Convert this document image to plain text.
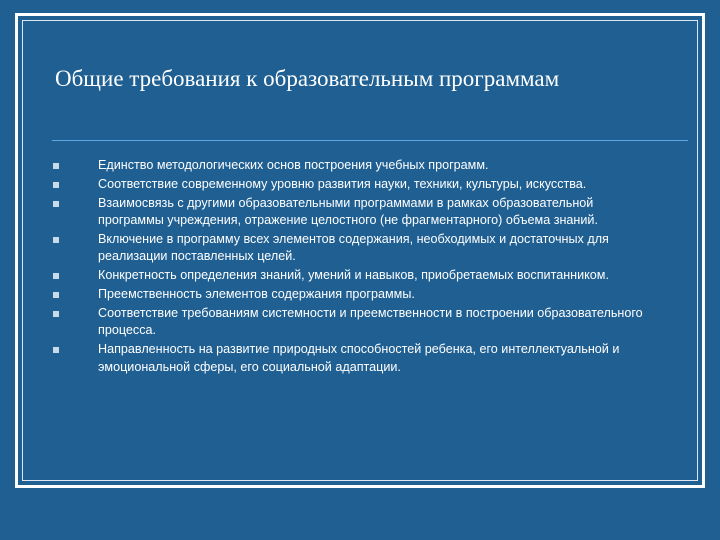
Общие требования к образовательным программам
Единство методологических основ построения учебных программ.
Соответствие современному уровню развития науки, техники, культуры, искусства.
Взаимосвязь с другими образовательными программами в рамках образовательной программы учреждения, отражение целостного (не фрагментарного) объема знаний.
Включение в программу всех элементов содержания, необходимых и достаточных для реализации поставленных целей.
Конкретность определения знаний, умений и навыков, приобретаемых воспитанником.
Преемственность элементов содержания программы.
Соответствие требованиям системности и преемственности в построении образовательного процесса.
Направленность на развитие природных способностей ребенка, его интеллектуальной и эмоциональной сферы, его социальной адаптации.
